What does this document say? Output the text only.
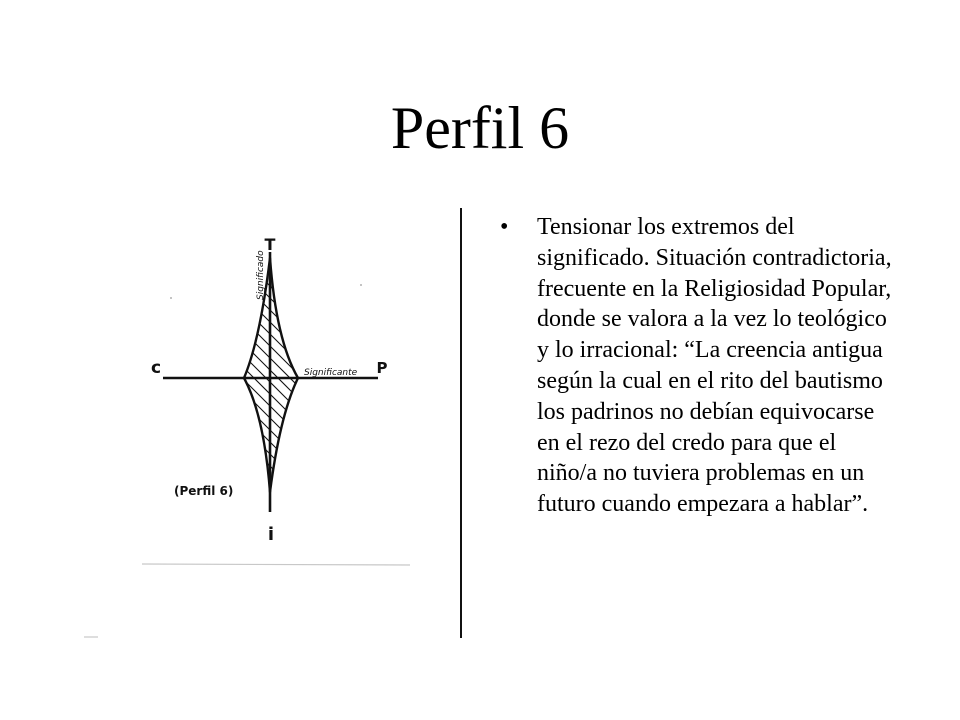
Perfil 6
T
i
c	P
Significante
Significado
(Perfil 6)
• Tensionar los extremos del significado. Situación contradictoria, frecuente en la Religiosidad Popular, donde se valora a la vez lo teológico y lo irracional: “La creencia antigua según la cual en el rito del bautismo los padrinos no debían equivocarse en el rezo del credo para que el niño/a no tuviera problemas en un futuro cuando empezara a hablar”.
